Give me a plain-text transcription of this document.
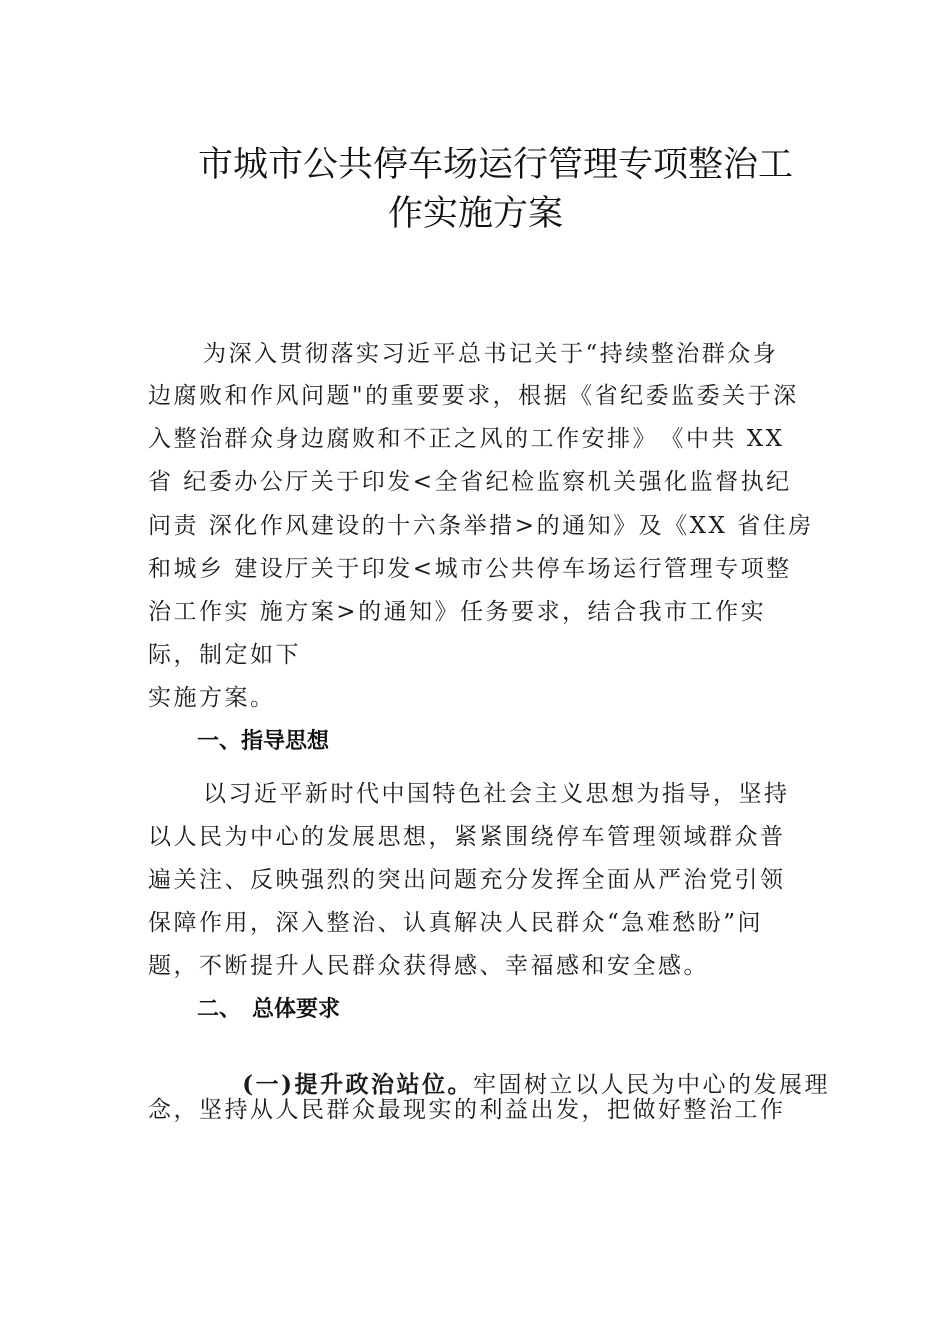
市城市公共停车场运行管理专项整治工
作实施方案
为深入贯彻落实习近平总书记关于“持续整治群众身
边腐败和作风问题"的重要要求，根据《省纪委监委关于深
入整治群众身边腐败和不正之风的工作安排》　《中共 XX
省 纪委办公厅关于印发<全省纪检监察机关强化监督执纪
问责 深化作风建设的十六条举措>的通知》及《XX 省住房
和城乡 建设厅关于印发<城市公共停车场运行管理专项整
治工作实 施方案>的通知》任务要求，结合我市工作实
际，制定如下
实施方案。
一、指导思想
以习近平新时代中国特色社会主义思想为指导，坚持
以人民为中心的发展思想，紧紧围绕停车管理领域群众普
遍关注、反映强烈的突出问题充分发挥全面从严治党引领
保障作用，深入整治、认真解决人民群众“急难愁盼”问
题，不断提升人民群众获得感、幸福感和安全感。
二、　总体要求

(一)提升政治站位。牢固树立以人民为中心的发展理

念，坚持从人民群众最现实的利益出发，把做好整治工作
